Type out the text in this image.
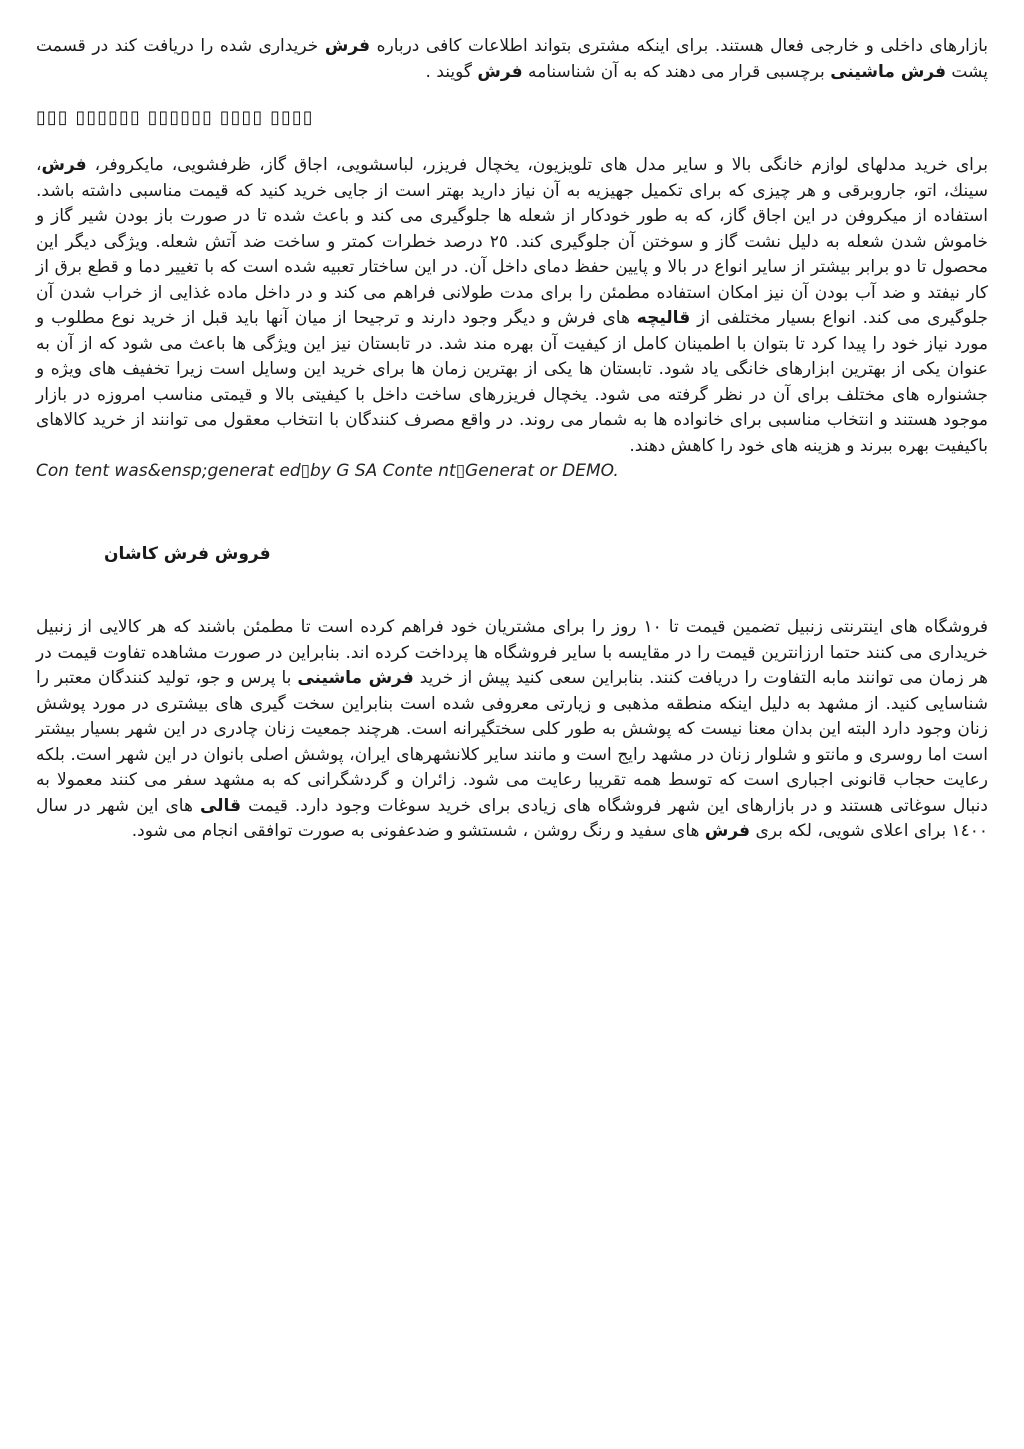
بازارهاى داخلى و خارجى فعال هستند. براى اينكه مشترى بتواند اطلاعات كافى درباره فرش خريدارى شده را دريافت كند در قسمت پشت فرش ماشينى برچسبى قرار مى دهند كه به آن شناسنامه فرش گويند .

▯▯▯ ▯▯▯▯▯▯ ▯▯▯▯▯▯ ▯▯▯▯ ▯▯▯▯

براى خريد مدلهاى لوازم خانگى بالا و ساير مدل هاى تلويزيون، يخچال فريزر، لباسشويى، اجاق گاز، ظرفشويى، مايكروفر، فرش، سينك، اتو، جاروبرقى و هر چيزى كه براى تكميل جهيزيه به آن نياز داريد بهتر است از جايى خريد كنيد كه قيمت مناسبى داشته باشد. استفاده از ميكروفن در اين اجاق گاز، كه به طور خودكار از شعله ها جلوگيرى مى كند و باعث شده تا در صورت باز بودن شير گاز و خاموش شدن شعله به دليل نشت گاز و سوختن آن جلوگيرى كند. ٢٥ درصد خطرات كمتر و ساخت ضد آتش شعله. ويژگى ديگر اين محصول تا دو برابر بيشتر از ساير انواع در بالا و پايين حفظ دماى داخل آن. در اين ساختار تعبيه شده است كه با تغيير دما و قطع برق از كار نيفتد و ضد آب بودن آن نيز امكان استفاده مطمئن را براى مدت طولانى فراهم مى كند و در داخل ماده غذايى از خراب شدن آن جلوگيرى مى كند. انواع بسيار مختلفى از قاليچه هاى فرش و ديگر وجود دارند و ترجيحا از ميان آنها بايد قبل از خريد نوع مطلوب و مورد نياز خود را پيدا كرد تا بتوان با اطمينان كامل از كيفيت آن بهره مند شد. در تابستان نيز اين ويژگى ها باعث مى شود كه از آن به عنوان يكى از بهترين ابزارهاى خانگى ياد شود. تابستان ها يكى از بهترين زمان ها براى خريد اين وسايل است زيرا تخفيف هاى ويژه و جشنواره هاى مختلف براى آن در نظر گرفته مى شود. يخچال فريزرهاى ساخت داخل با كيفيتى بالا و قيمتى مناسب امروزه در بازار موجود هستند و انتخاب مناسبى براى خانواده ها به شمار مى روند. در واقع مصرف كنندگان با انتخاب معقول مى توانند از خريد كالاهاى باكيفيت بهره ببرند و هزينه هاى خود را كاهش دهند.

Con tent was&ensp;generat ed▯by G SA Conte nt▯Generat or DEMO.

فروش فرش كاشان

فروشگاه هاى اينترنتى زنبيل تضمين قيمت تا ١٠ روز را براى مشتريان خود فراهم كرده است تا مطمئن باشند كه هر كالايى از زنبيل خريدارى مى كنند حتما ارزانترين قيمت را در مقايسه با ساير فروشگاه ها پرداخت كرده اند. بنابراين در صورت مشاهده تفاوت قيمت در هر زمان مى توانند مابه التفاوت را دريافت كنند. بنابراين سعى كنيد پيش از خريد فرش ماشينى با پرس و جو، توليد كنندگان معتبر را شناسايى كنيد. از مشهد به دليل اينكه منطقه مذهبى و زيارتى معروفى شده است بنابراين سخت گيرى هاى بيشترى در مورد پوشش زنان وجود دارد البته اين بدان معنا نيست كه پوشش به طور كلى سختگيرانه است. هرچند جمعيت زنان چادرى در اين شهر بسيار بيشتر است اما روسرى و مانتو و شلوار زنان در مشهد رايج است و مانند ساير كلانشهرهاى ايران، پوشش اصلى بانوان در اين شهر است. بلكه رعايت حجاب قانونى اجبارى است كه توسط همه تقريبا رعايت مى شود. زائران و گردشگرانى كه به مشهد سفر مى كنند معمولا به دنبال سوغاتى هستند و در بازارهاى اين شهر فروشگاه هاى زيادى براى خريد سوغات وجود دارد. قيمت قالى هاى اين شهر در سال ١٤٠٠ براى اعلاى شويى، لكه برى فرش هاى سفيد و رنگ روشن ، شستشو و ضدعفونى به صورت توافقى انجام مى شود.
